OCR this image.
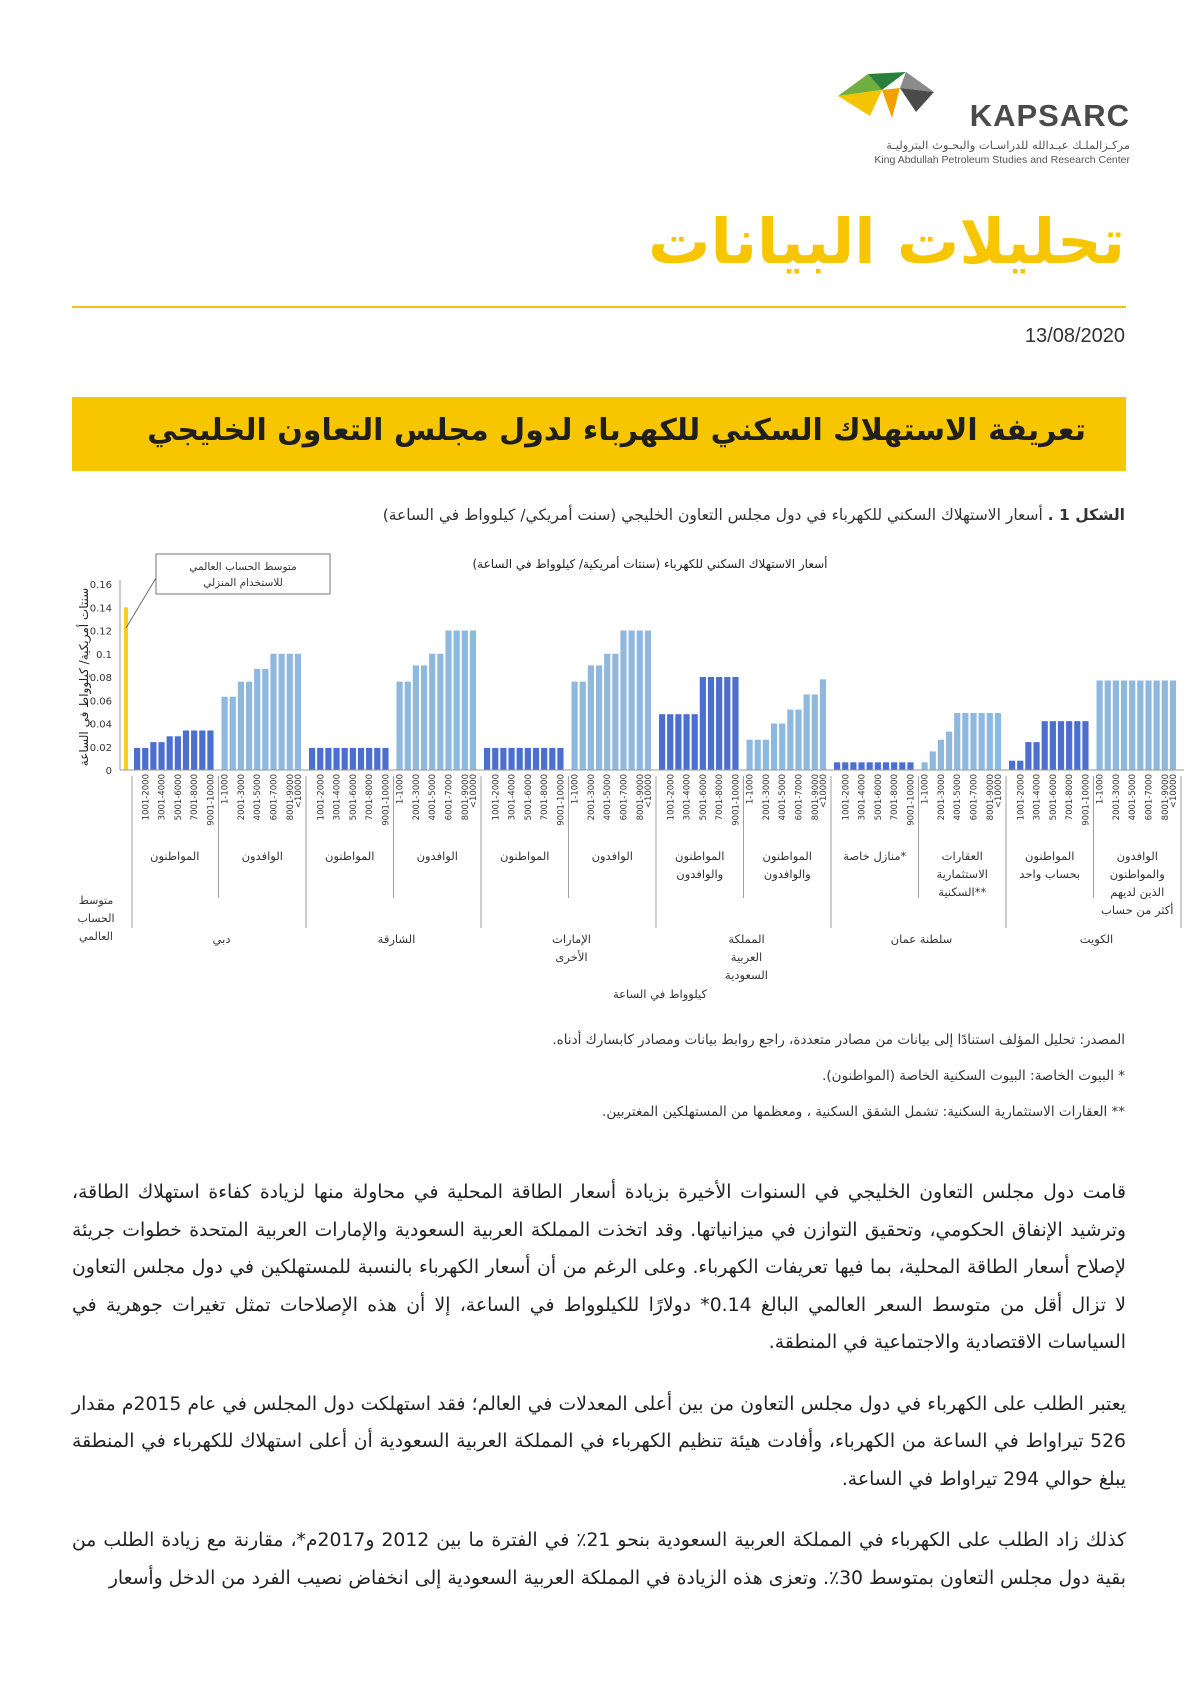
KAPSARC
مركـزالملـك عبـدالله للدراسـات والبحـوث البتروليـة
King Abdullah Petroleum Studies and Research Center
تحليلات البيانات
13/08/2020
تعريفة الاستهلاك السكني للكهرباء لدول مجلس التعاون الخليجي
الشكل 1 . أسعار الاستهلاك السكني للكهرباء في دول مجلس التعاون الخليجي (سنت أمريكي/ كيلوواط في الساعة)
0
0.02
0.04
0.06
0.08
0.1
0.12
0.14
0.16
سنتات أمريكية/ كيلوواط في الساعة
أسعار الاستهلاك السكني للكهرباء (سنتات أمريكية/ كيلوواط في الساعة)
متوسط الحساب العالمي
متوسط الحساب العالمي للاستخدام المنزلي
1001-2000 3001-4000 5001-6000 7001-8000 9001-10000
المواطنون
1-1000 2001-3000 4001-5000 6001-7000 8001-9000
<10000
الوافدون
1001-2000 3001-4000 5001-6000 7001-8000 9001-10000
المواطنون
1-1000 2001-3000 4001-5000 6001-7000 8001-9000
<10000
الوافدون
1001-2000 3001-4000 5001-6000 7001-8000 9001-10000
المواطنون
1-1000 2001-3000 4001-5000 6001-7000 8001-9000
<10000
الوافدون
1001-2000 3001-4000 5001-6000 7001-8000 9001-10000
المواطنون والوافدون
1-1000 2001-3000 4001-5000 6001-7000 8001-9000
<10000
المواطنون والوافدون
1001-2000 3001-4000 5001-6000 7001-8000 9001-10000
منازل خاصة*
1-1000 2001-3000 4001-5000 6001-7000 8001-9000
<10000
العقارات الاستثمارية السكنية**
1001-2000 3001-4000 5001-6000 7001-8000 9001-10000
المواطنون بحساب واحد
1-1000 2001-3000 4001-5000 6001-7000 8001-9000
<10000
الوافدون والمواطنون الذين لديهم أكثر من حساب
دبي	الشارقة	الإمارات الأخرى
المملكة العربية السعودية
سلطنة عمان	الكويت
كيلوواط في الساعة
المصدر: تحليل المؤلف استنادًا إلى بيانات من مصادر متعددة، راجع روابط بيانات ومصادر كابسارك أدناه.
* البيوت الخاصة: البيوت السكنية الخاصة (المواطنون).
** العقارات الاستثمارية السكنية: تشمل الشقق السكنية ، ومعظمها من المستهلكين المغتربين.

قامت دول مجلس التعاون الخليجي في السنوات الأخيرة بزيادة أسعار الطاقة المحلية في محاولة منها لزيادة كفاءة استهلاك الطاقة، وترشيد الإنفاق الحكومي، وتحقيق التوازن في ميزانياتها. وقد اتخذت المملكة العربية السعودية والإمارات العربية المتحدة خطوات جريئة لإصلاح أسعار الطاقة المحلية، بما فيها تعريفات الكهرباء. وعلى الرغم من أن أسعار الكهرباء بالنسبة للمستهلكين في دول مجلس التعاون لا تزال أقل من متوسط السعر العالمي البالغ 0.14* دولارًا للكيلوواط في الساعة، إلا أن هذه الإصلاحات تمثل تغيرات جوهرية في السياسات الاقتصادية والاجتماعية في المنطقة.

يعتبر الطلب على الكهرباء في دول مجلس التعاون من بين أعلى المعدلات في العالم؛ فقد استهلكت دول المجلس في عام 2015م مقدار 526 تيراواط في الساعة من الكهرباء، وأفادت هيئة تنظيم الكهرباء في المملكة العربية السعودية أن أعلى استهلاك للكهرباء في المنطقة يبلغ حوالي 294 تيراواط في الساعة.

كذلك زاد الطلب على الكهرباء في المملكة العربية السعودية بنحو 21٪ في الفترة ما بين 2012 و2017م*، مقارنة مع زيادة الطلب من بقية دول مجلس التعاون بمتوسط 30٪. وتعزى هذه الزيادة في المملكة العربية السعودية إلى انخفاض نصيب الفرد من الدخل وأسعار
